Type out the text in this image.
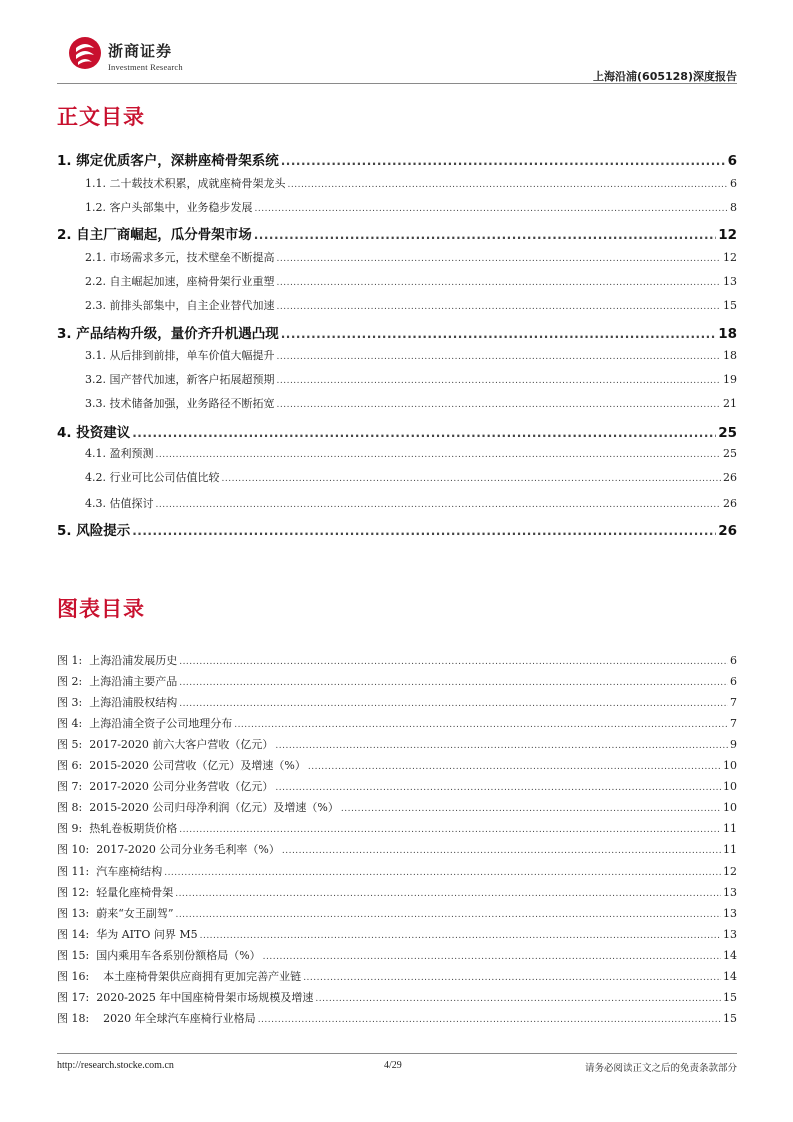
浙商证券
Investment Research
上海沿浦(605128)深度报告
正文目录
1. 绑定优质客户，深耕座椅骨架系统 .....	6
1.1. 二十载技术积累，成就座椅骨架龙头 .....	6
1.2. 客户头部集中，业务稳步发展 .....	8
2. 自主厂商崛起，瓜分骨架市场 .....	12
2.1. 市场需求多元，技术壁垒不断提高 .....	12
2.2. 自主崛起加速，座椅骨架行业重塑 .....	13
2.3. 前排头部集中，自主企业替代加速 .....	15
3. 产品结构升级，量价齐升机遇凸现 .....	18
3.1. 从后排到前排，单车价值大幅提升 .....	18
3.2. 国产替代加速，新客户拓展超预期 .....	19
3.3. 技术储备加强，业务路径不断拓宽 .....	21
4. 投资建议 .....	25
4.1. 盈利预测 .....	25
4.2. 行业可比公司估值比较 .....	26
4.3. 估值探讨 .....	26
5. 风险提示 .....	26
图表目录
图 1:  上海沿浦发展历史 .....	6
图 2:  上海沿浦主要产品 .....	6
图 3:  上海沿浦股权结构 .....	7
图 4:  上海沿浦全资子公司地理分布 .....	7
图 5:  2017-2020 前六大客户营收（亿元） .....	9
图 6:  2015-2020 公司营收（亿元）及增速（%） .....	10
图 7:  2017-2020 公司分业务营收（亿元） .....	10
图 8:  2015-2020 公司归母净利润（亿元）及增速（%） .....	10
图 9:  热轧卷板期货价格 .....	11
图 10:  2017-2020 公司分业务毛利率（%） .....	11
图 11:  汽车座椅结构 .....	12
图 12:  轻量化座椅骨架 .....	13
图 13:  蔚来“女王副驾” .....	13
图 14:  华为 AITO 问界 M5 .....	13
图 15:  国内乘用车各系别份额格局（%） .....	14
图 16:    本土座椅骨架供应商拥有更加完善产业链 .....	14
图 17:  2020-2025 年中国座椅骨架市场规模及增速 .....	15
图 18:    2020 年全球汽车座椅行业格局 .....	15
http://research.stocke.com.cn	4/29	请务必阅读正文之后的免责条款部分
